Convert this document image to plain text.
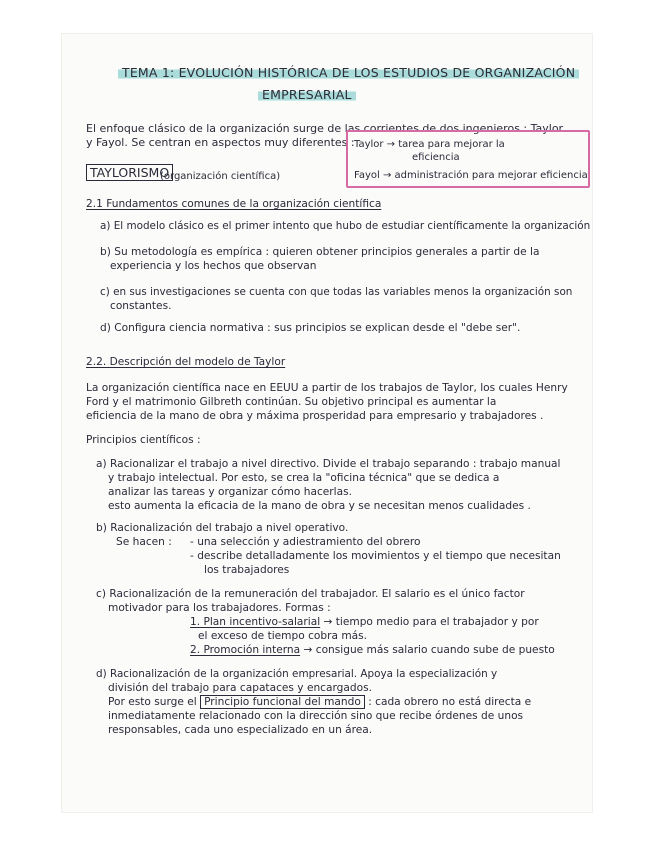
TEMA 1: EVOLUCIÓN HISTÓRICA DE LOS ESTUDIOS DE ORGANIZACIÓN
EMPRESARIAL
El enfoque clásico de la organización surge de las corrientes de dos ingenieros : Taylor
y Fayol. Se centran en aspectos muy diferentes : Taylor → tarea para mejorar la
eficiencia
Fayol → administración para mejorar eficiencia
TAYLORISMO
(organización científica)
2.1 Fundamentos comunes de la organización científica
a) El modelo clásico es el primer intento que hubo de estudiar científicamente la organización
b) Su metodología es empírica : quieren obtener principios generales a partir de la
experiencia y los hechos que observan
c) en sus investigaciones se cuenta con que todas las variables menos la organización son
constantes.
d) Configura ciencia normativa : sus principios se explican desde el "debe ser".
2.2. Descripción del modelo de Taylor
La organización científica nace en EEUU a partir de los trabajos de Taylor, los cuales Henry
Ford y el matrimonio Gilbreth continúan. Su objetivo principal es aumentar la
eficiencia de la mano de obra y máxima prosperidad para empresario y trabajadores .
Principios científicos :
a) Racionalizar el trabajo a nivel directivo. Divide el trabajo separando : trabajo manual
y trabajo intelectual. Por esto, se crea la "oficina técnica" que se dedica a
analizar las tareas y organizar cómo hacerlas.
esto aumenta la eficacia de la mano de obra y se necesitan menos cualidades .
b) Racionalización del trabajo a nivel operativo.
Se hacen : - una selección y adiestramiento del obrero
- describe detalladamente los movimientos y el tiempo que necesitan
los trabajadores
c) Racionalización de la remuneración del trabajador. El salario es el único factor
motivador para los trabajadores. Formas :
1. Plan incentivo-salarial → tiempo medio para el trabajador y por
el exceso de tiempo cobra más.
2. Promoción interna → consigue más salario cuando sube de puesto
d) Racionalización de la organización empresarial. Apoya la especialización y
división del trabajo para capataces y encargados.
Por esto surge el Principio funcional del mando : cada obrero no está directa e
inmediatamente relacionado con la dirección sino que recibe órdenes de unos
responsables, cada uno especializado en un área.
